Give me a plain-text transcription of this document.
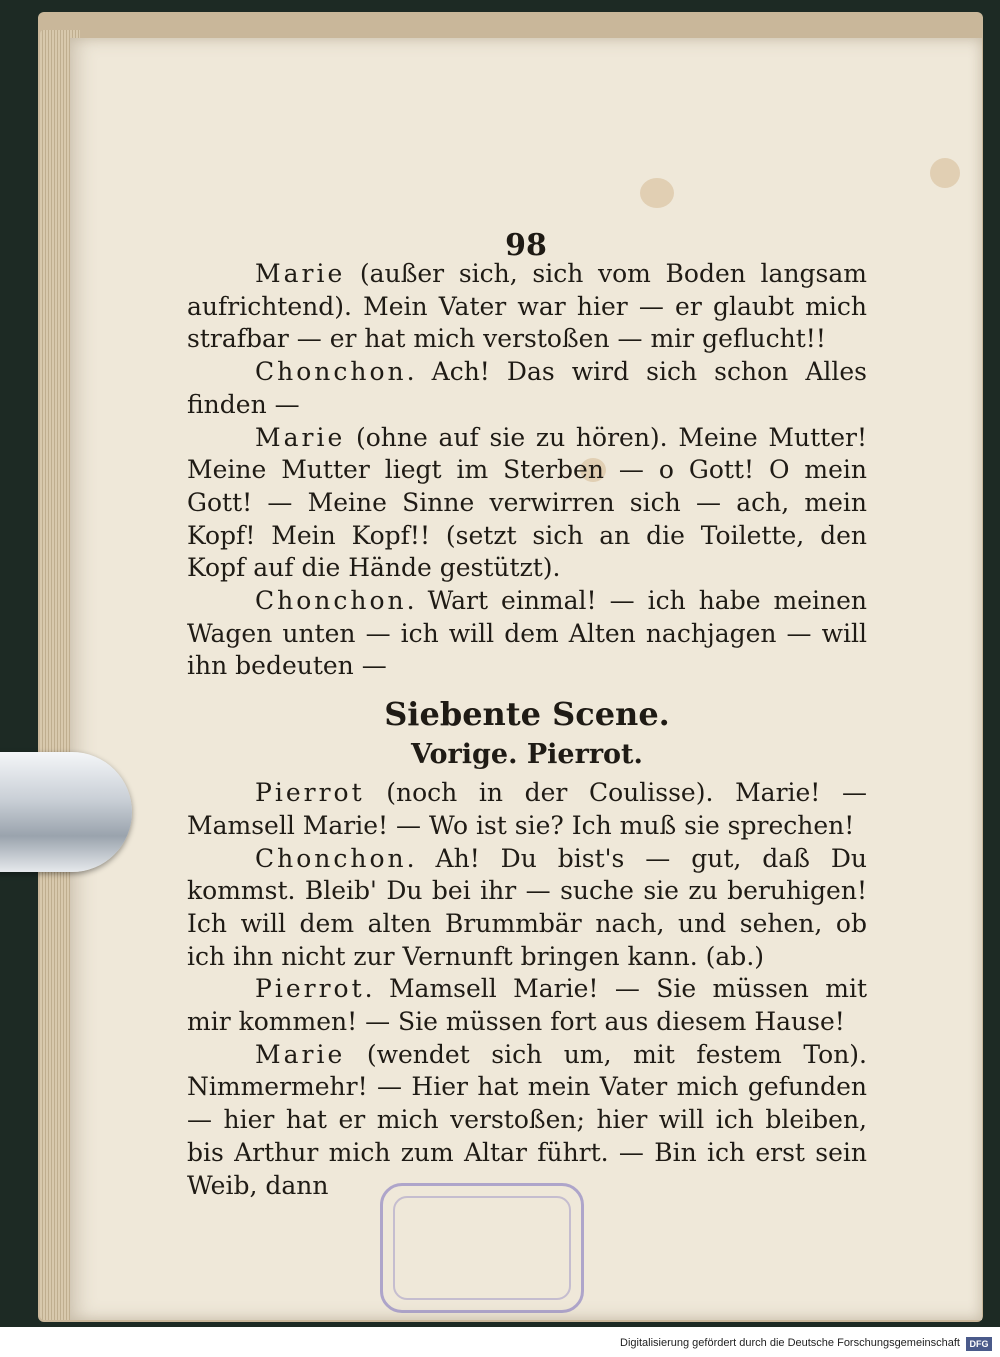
98

Marie (außer sich, sich vom Boden langsam aufrichtend). Mein Vater war hier — er glaubt mich strafbar — er hat mich verstoßen — mir geflucht!!

Chonchon. Ach! Das wird sich schon Alles finden —

Marie (ohne auf sie zu hören). Meine Mutter! Meine Mutter liegt im Sterben — o Gott! O mein Gott! — Meine Sinne verwirren sich — ach, mein Kopf! Mein Kopf!! (setzt sich an die Toilette, den Kopf auf die Hände gestützt).

Chonchon. Wart einmal! — ich habe meinen Wagen unten — ich will dem Alten nachjagen — will ihn bedeuten —

Siebente Scene.
Vorige. Pierrot.

Pierrot (noch in der Coulisse). Marie! — Mamsell Marie! — Wo ist sie? Ich muß sie sprechen!

Chonchon. Ah! Du bist's — gut, daß Du kommst. Bleib' Du bei ihr — suche sie zu beruhigen! Ich will dem alten Brummbär nach, und sehen, ob ich ihn nicht zur Vernunft bringen kann. (ab.)

Pierrot. Mamsell Marie! — Sie müssen mit mir kommen! — Sie müssen fort aus diesem Hause!

Marie (wendet sich um, mit festem Ton). Nimmermehr! — Hier hat mein Vater mich gefunden — hier hat er mich verstoßen; hier will ich bleiben, bis Arthur mich zum Altar führt. — Bin ich erst sein Weib, dann

Digitalisierung gefördert durch die Deutsche Forschungsgemeinschaft	DFG
